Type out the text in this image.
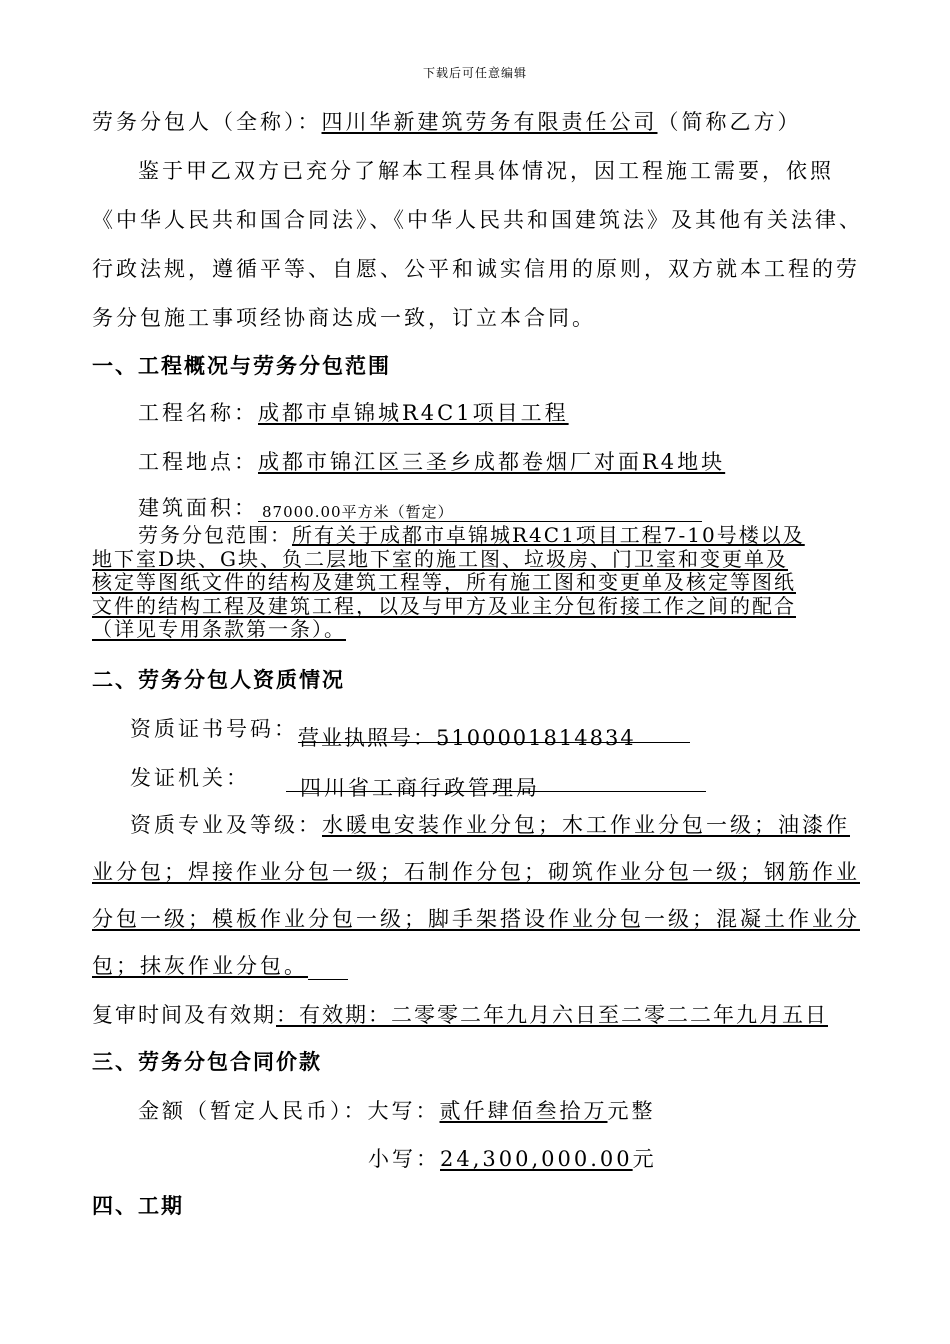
下载后可任意编辑
劳务分包人（全称）：四川华新建筑劳务有限责任公司（简称乙方）
鉴于甲乙双方已充分了解本工程具体情况，因工程施工需要，依照
《中华人民共和国合同法》、《中华人民共和国建筑法》及其他有关法律、
行政法规，遵循平等、自愿、公平和诚实信用的原则，双方就本工程的劳
务分包施工事项经协商达成一致，订立本合同。
一、工程概况与劳务分包范围
工程名称：成都市卓锦城R4C1项目工程
工程地点：成都市锦江区三圣乡成都卷烟厂对面R4地块
建筑面积： 87000.00平方米（暂定）
劳务分包范围：所有关于成都市卓锦城R4C1项目工程7-10号楼以及
地下室D块、G块、负二层地下室的施工图、垃圾房、门卫室和变更单及
核定等图纸文件的结构及建筑工程等，所有施工图和变更单及核定等图纸
文件的结构工程及建筑工程，以及与甲方及业主分包衔接工作之间的配合
（详见专用条款第一条）。
二、劳务分包人资质情况
资质证书号码：营业执照号：5100001814834
发证机关： 四川省工商行政管理局
资质专业及等级：水暖电安装作业分包；木工作业分包一级；油漆作
业分包；焊接作业分包一级；石制作分包；砌筑作业分包一级；钢筋作业
分包一级；模板作业分包一级；脚手架搭设作业分包一级；混凝土作业分
包；抹灰作业分包。
复审时间及有效期：有效期：二零零二年九月六日至二零二二年九月五日
三、劳务分包合同价款
金额（暂定人民币）：大写：贰仟肆佰叁拾万元整
小写：24,300,000.00元
四、工期
